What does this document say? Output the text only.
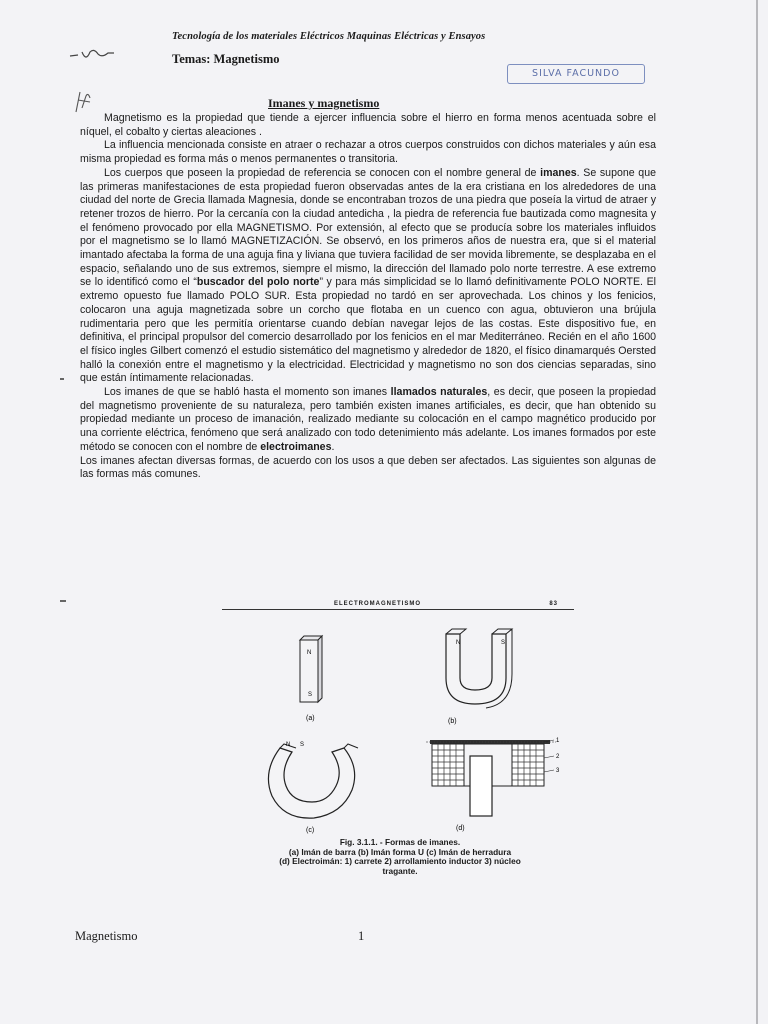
Tecnología de los materiales Eléctricos Maquinas Eléctricas y Ensayos
Temas: Magnetismo
SILVA FACUNDO
Imanes y magnetismo

Magnetismo es la propiedad que tiende a ejercer influencia sobre el hierro en forma menos acentuada sobre el níquel, el cobalto y ciertas aleaciones .

La influencia mencionada consiste en atraer o rechazar a otros cuerpos construidos con dichos materiales y aún esa misma propiedad es forma más o menos permanentes o transitoria.

Los cuerpos que poseen la propiedad de referencia se conocen con el nombre general de imanes. Se supone que las primeras manifestaciones de esta propiedad fueron observadas antes de la era cristiana en los alrededores de una ciudad del norte de Grecia llamada Magnesia, donde se encontraban trozos de una piedra que poseía la virtud de atraer y retener trozos de hierro. Por la cercanía con la ciudad antedicha , la piedra de referencia fue bautizada como magnesita y el fenómeno provocado por ella MAGNETISMO. Por extensión, al efecto que se producía sobre los materiales influidos por el magnetismo se lo llamó MAGNETIZACIÓN. Se observó, en los primeros años de nuestra era, que si el material imantado afectaba la forma de una aguja fina y liviana que tuviera facilidad de ser movida libremente, se desplazaba en el espacio, señalando uno de sus extremos, siempre el mismo, la dirección del llamado polo norte terrestre. A ese extremo se lo identificó como el “buscador del polo norte” y para más simplicidad se lo llamó definitivamente POLO NORTE. El extremo opuesto fue llamado POLO SUR. Esta propiedad no tardó en ser aprovechada. Los chinos y los fenicios, colocaron una aguja magnetizada sobre un corcho que flotaba en un cuenco con agua, obtuvieron una brújula rudimentaria pero que les permitía orientarse cuando debían navegar lejos de las costas. Este dispositivo fue, en definitiva, el principal propulsor del comercio desarrollado por los fenicios en el mar Mediterráneo. Recién en el año 1600 el físico ingles Gilbert comenzó el estudio sistemático del magnetismo y alrededor de 1820, el físico dinamarqués Oersted halló la conexión entre el magnetismo y la electricidad. Electricidad y magnetismo no son dos ciencias separadas, sino que están íntimamente relacionadas.

Los imanes de que se habló hasta el momento son imanes llamados naturales, es decir, que poseen la propiedad del magnetismo proveniente de su naturaleza, pero también existen imanes artificiales, es decir, que han obtenido su propiedad mediante un proceso de imanación, realizado mediante su colocación en el campo magnético producido por una corriente eléctrica, fenómeno que será analizado con todo detenimiento más adelante. Los imanes formados por este método se conocen con el nombre de electroimanes.

Los imanes afectan diversas formas, de acuerdo con los usos a que deben ser afectados. Las siguientes son algunas de las formas más comunes.

ELECTROMAGNETISMO	83
N
S
(a)
N	S
(b)
N S
(c)
1
2
3
(d)
Fig. 3.1.1. - Formas de imanes.
(a) Imán de barra (b) Imán forma U (c) Imán de herradura
(d) Electroimán: 1) carrete 2) arrollamiento inductor 3) núcleo
tragante.
Magnetismo	1
